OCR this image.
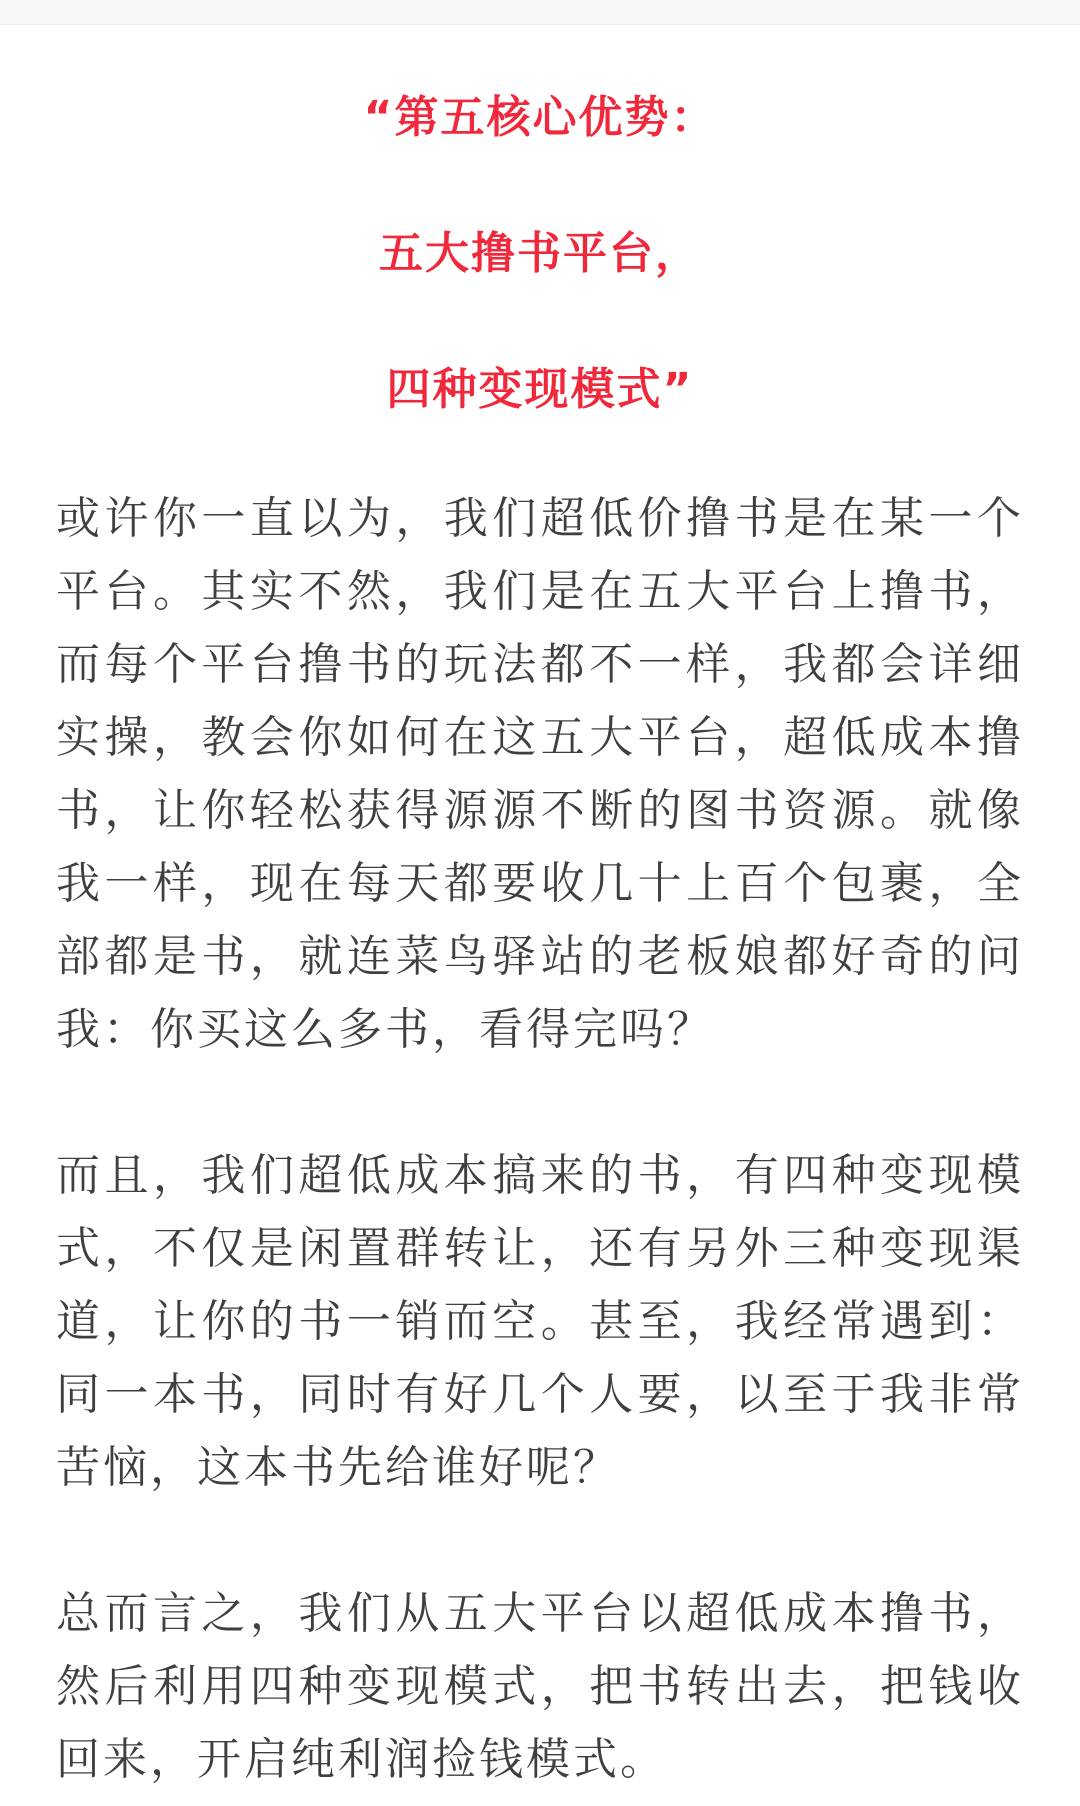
“第五核心优势：
五大撸书平台，
四种变现模式”

或许你一直以为，我们超低价撸书是在某一个平台。其实不然，我们是在五大平台上撸书，而每个平台撸书的玩法都不一样，我都会详细实操，教会你如何在这五大平台，超低成本撸书，让你轻松获得源源不断的图书资源。就像我一样，现在每天都要收几十上百个包裹，全部都是书，就连菜鸟驿站的老板娘都好奇的问我：你买这么多书，看得完吗？

而且，我们超低成本搞来的书，有四种变现模式，不仅是闲置群转让，还有另外三种变现渠道，让你的书一销而空。甚至，我经常遇到：同一本书，同时有好几个人要，以至于我非常苦恼，这本书先给谁好呢？

总而言之，我们从五大平台以超低成本撸书，然后利用四种变现模式，把书转出去，把钱收回来，开启纯利润捡钱模式。
